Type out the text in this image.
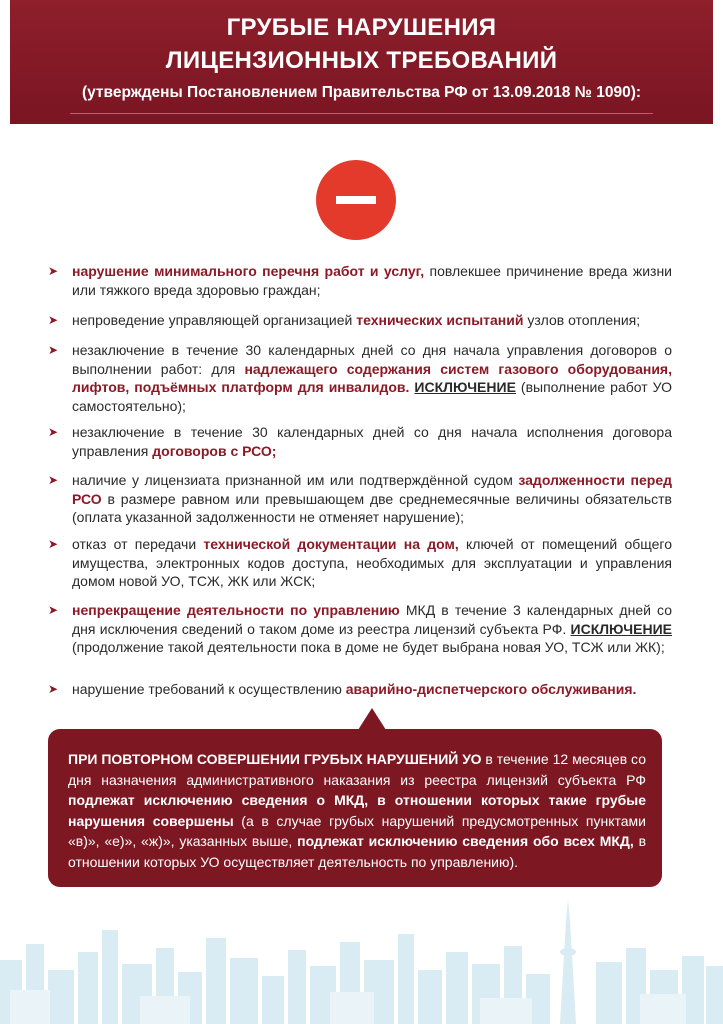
ГРУБЫЕ НАРУШЕНИЯ
ЛИЦЕНЗИОННЫХ ТРЕБОВАНИЙ
(утверждены Постановлением Правительства РФ от 13.09.2018 № 1090):
➤ нарушение минимального перечня работ и услуг, повлекшее причинение вреда жизни или тяжкого вреда здоровью граждан;
➤ непроведение управляющей организацией технических испытаний узлов отопления;
➤ незаключение в течение 30 календарных дней со дня начала управления договоров о выполнении работ: для надлежащего содержания систем газового оборудования, лифтов, подъёмных платформ для инвалидов. ИСКЛЮЧЕНИЕ (выполнение работ УО самостоятельно);
➤ незаключение в течение 30 календарных дней со дня начала исполнения договора управления договоров с РСО;
➤ наличие у лицензиата признанной им или подтверждённой судом задолженности перед РСО в размере равном или превышающем две среднемесячные величины обязательств (оплата указанной задолженности не отменяет нарушение);
➤ отказ от передачи технической документации на дом, ключей от помещений общего имущества, электронных кодов доступа, необходимых для эксплуатации и управления домом новой УО, ТСЖ, ЖК или ЖСК;
➤ непрекращение деятельности по управлению МКД в течение 3 календарных дней со дня исключения сведений о таком доме из реестра лицензий субъекта РФ. ИСКЛЮЧЕНИЕ (продолжение такой деятельности пока в доме не будет выбрана новая УО, ТСЖ или ЖК);
➤ нарушение требований к осуществлению аварийно-диспетчерского обслуживания.
ПРИ ПОВТОРНОМ СОВЕРШЕНИИ ГРУБЫХ НАРУШЕНИЙ УО в течение 12 месяцев со дня назначения административного наказания из реестра лицензий субъекта РФ подлежат исключению сведения о МКД, в отношении которых такие грубые нарушения совершены (а в случае грубых нарушений предусмотренных пунктами «в)», «е)», «ж)», указанных выше, подлежат исключению сведения обо всех МКД, в отношении которых УО осуществляет деятельность по управлению).
